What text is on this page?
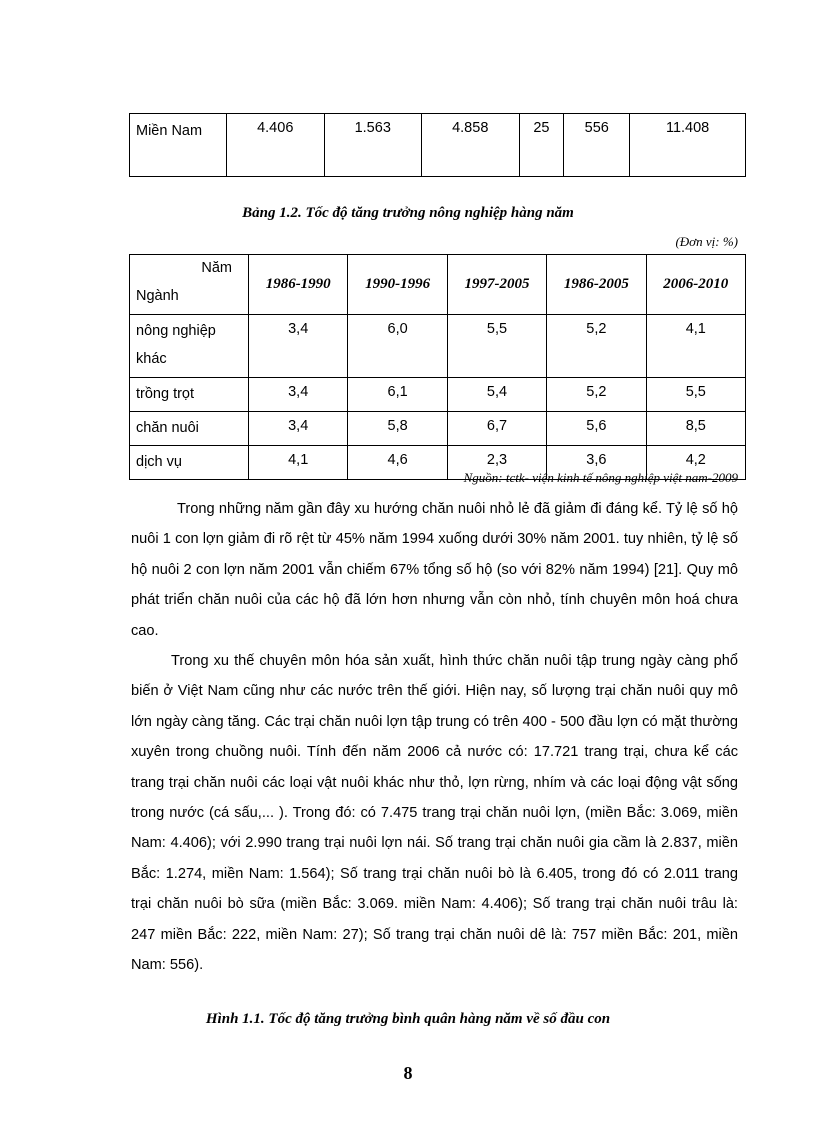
Miền Nam	4.406	1.563	4.858	25	556	11.408
Bảng 1.2. Tốc độ tăng trưởng nông nghiệp hàng năm
(Đơn vị: %)
Năm
Ngành	1986-1990	1990-1996	1997-2005	1986-2005	2006-2010
nông nghiệp khác	3,4	6,0	5,5	5,2	4,1
trồng trọt	3,4	6,1	5,4	5,2	5,5
chăn nuôi	3,4	5,8	6,7	5,6	8,5
dịch vụ	4,1	4,6	2,3	3,6	4,2
Nguồn: tctk- viện kinh tế nông nghiệp việt nam-2009

Trong những năm gần đây xu hướng chăn nuôi nhỏ lẻ đã giảm đi đáng kể. Tỷ lệ số hộ nuôi 1 con lợn giảm đi rõ rệt từ 45% năm 1994 xuống dưới 30% năm 2001. tuy nhiên, tỷ lệ số hộ nuôi 2 con lợn năm 2001 vẫn chiếm 67% tổng số hộ (so với 82% năm 1994) [21]. Quy mô phát triển chăn nuôi của các hộ đã lớn hơn nhưng vẫn còn nhỏ, tính chuyên môn hoá chưa cao.

Trong xu thế chuyên môn hóa sản xuất, hình thức chăn nuôi tập trung ngày càng phổ biến ở Việt Nam cũng như các nước trên thế giới. Hiện nay, số lượng trại chăn nuôi quy mô lớn ngày càng tăng. Các trại chăn nuôi lợn tập trung có trên 400 - 500 đầu lợn có mặt thường xuyên trong chuồng nuôi. Tính đến năm 2006 cả nước có: 17.721 trang trại, chưa kể các trang trại chăn nuôi các loại vật nuôi khác như thỏ, lợn rừng, nhím và các loại động vật sống trong nước (cá sấu,... ). Trong đó: có 7.475 trang trại chăn nuôi lợn, (miền Bắc: 3.069, miền Nam: 4.406); với 2.990 trang trại nuôi lợn nái. Số trang trại chăn nuôi gia cầm là 2.837, miền Bắc: 1.274, miền Nam: 1.564); Số trang trại chăn nuôi bò là 6.405, trong đó có 2.011 trang trại chăn nuôi bò sữa (miền Bắc: 3.069. miền Nam: 4.406); Số trang trại chăn nuôi trâu là: 247 miền Bắc: 222, miền Nam: 27); Số trang trại chăn nuôi dê là: 757 miền Bắc: 201, miền Nam: 556).

Hình 1.1. Tốc độ tăng trưởng bình quân hàng năm về số đầu con
8
